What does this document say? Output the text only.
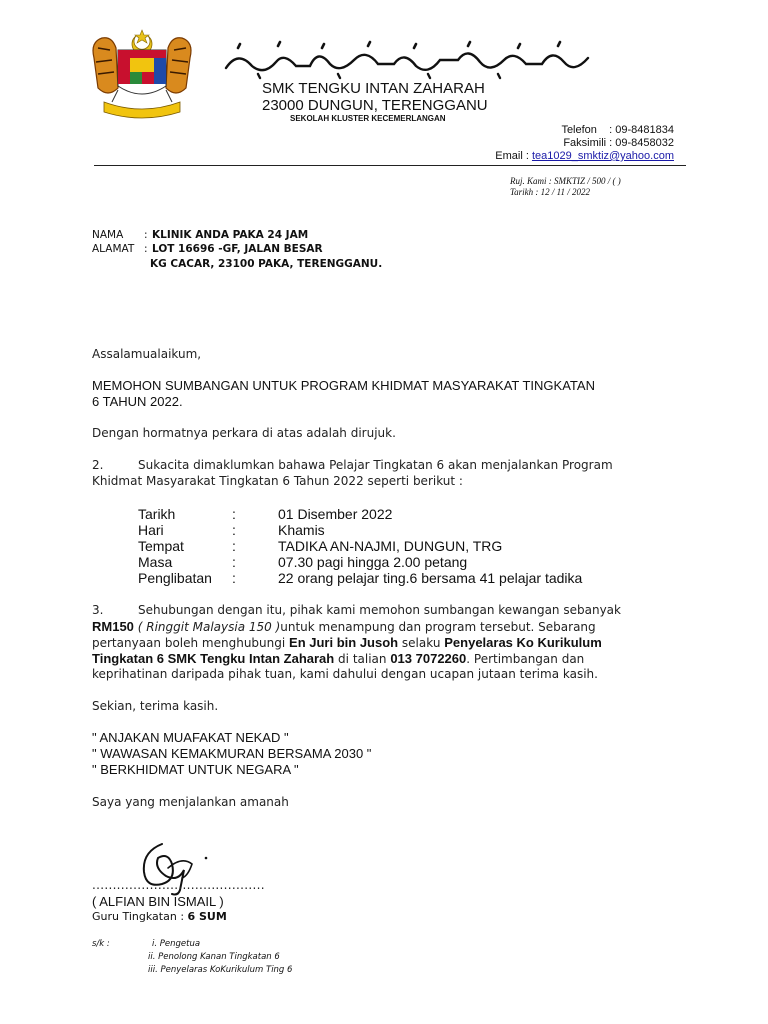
SMK TENGKU INTAN ZAHARAH
23000 DUNGUN, TERENGGANU
SEKOLAH KLUSTER KECEMERLANGAN
Telefon : 09-8481834
Faksimili : 09-8458032
Email : tea1029_smktiz@yahoo.com
Ruj. Kami : SMKTIZ / 500 / ( )
Tarikh : 12 / 11 / 2022
NAMA : KLINIK ANDA PAKA 24 JAM
ALAMAT : LOT 16696 -GF, JALAN BESAR
KG CACAR, 23100 PAKA, TERENGGANU.
Assalamualaikum,
MEMOHON SUMBANGAN UNTUK PROGRAM KHIDMAT MASYARAKAT TINGKATAN
6 TAHUN 2022.
Dengan hormatnya perkara di atas adalah dirujuk.
2.	Sukacita dimaklumkan bahawa Pelajar Tingkatan 6 akan menjalankan Program
Khidmat Masyarakat Tingkatan 6 Tahun 2022 seperti berikut :
Tarikh	:	01 Disember 2022
Hari	:	Khamis
Tempat	:	TADIKA AN-NAJMI, DUNGUN, TRG
Masa	:	07.30 pagi hingga 2.00 petang
Penglibatan :	22 orang pelajar ting.6 bersama 41 pelajar tadika
3.	Sehubungan dengan itu, pihak kami memohon sumbangan kewangan sebanyak
RM150 ( Ringgit Malaysia 150 )untuk menampung dan program tersebut. Sebarang
pertanyaan boleh menghubungi En Juri bin Jusoh selaku Penyelaras Ko Kurikulum
Tingkatan 6 SMK Tengku Intan Zaharah di talian 013 7072260. Pertimbangan dan
keprihatinan daripada pihak tuan, kami dahului dengan ucapan jutaan terima kasih.
Sekian, terima kasih.
" ANJAKAN MUAFAKAT NEKAD "
" WAWASAN KEMAKMURAN BERSAMA 2030 "
" BERKHIDMAT UNTUK NEGARA "
Saya yang menjalankan amanah
..........................................
( ALFIAN BIN ISMAIL )
Guru Tingkatan : 6 SUM
s/k :	i. Pengetua
ii. Penolong Kanan Tingkatan 6
iii. Penyelaras KoKurikulum Ting 6
